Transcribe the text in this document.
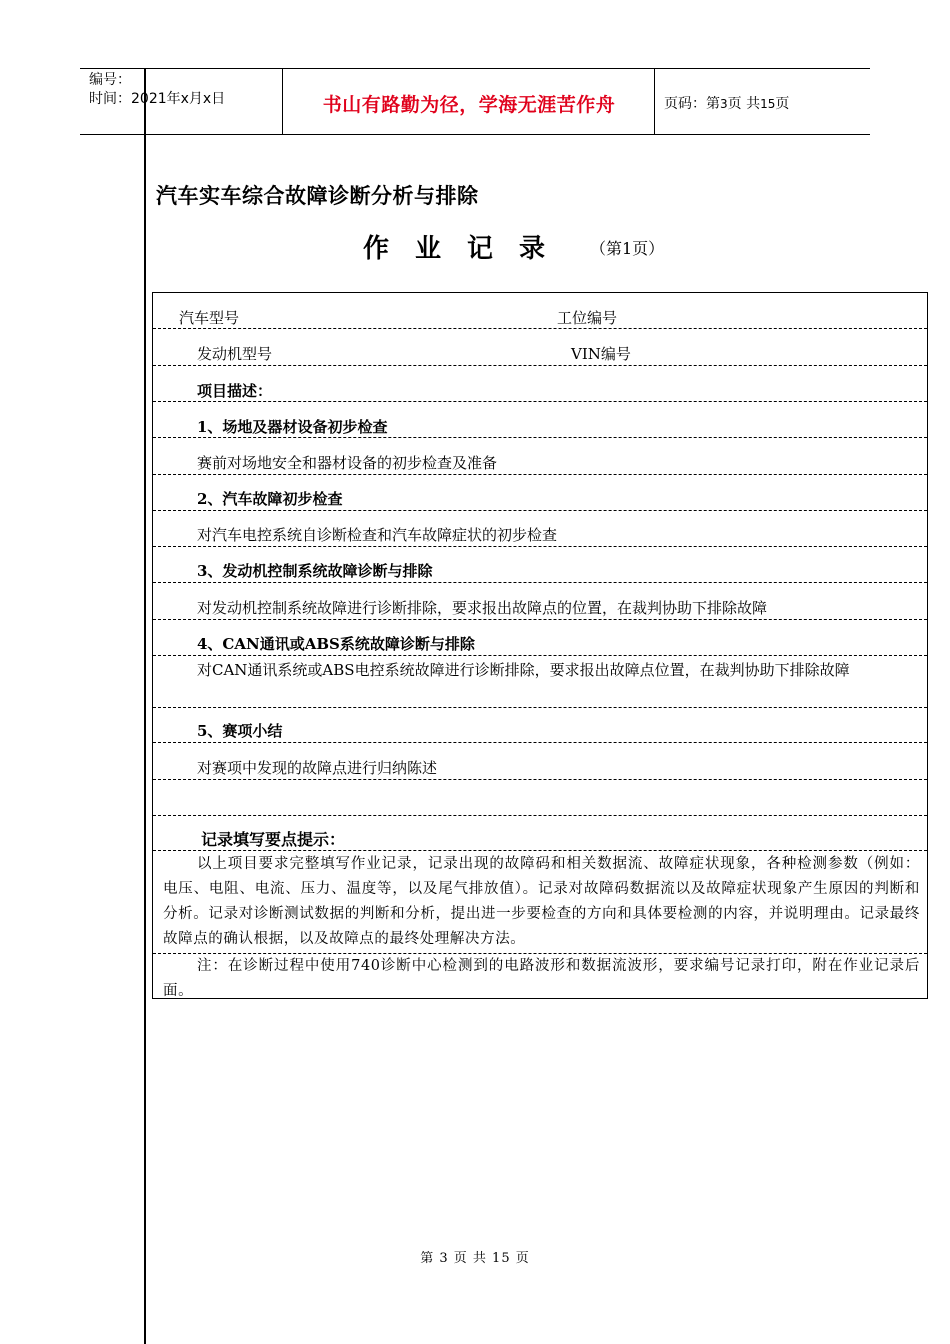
编号：
时间：2021年x月x日	书山有路勤为径，学海无涯苦作舟	页码：第3页 共15页
汽车实车综合故障诊断分析与排除
作业记录 （第1页）
汽车型号	工位编号
发动机型号	VIN编号
项目描述：
1、场地及器材设备初步检查
赛前对场地安全和器材设备的初步检查及准备
2、汽车故障初步检查
对汽车电控系统自诊断检查和汽车故障症状的初步检查
3、发动机控制系统故障诊断与排除
对发动机控制系统故障进行诊断排除，要求报出故障点的位置，在裁判协助下排除故障
4、CAN通讯或ABS系统故障诊断与排除
对CAN通讯系统或ABS电控系统故障进行诊断排除，要求报出故障点位置，在裁判协助下排除故障
5、赛项小结
对赛项中发现的故障点进行归纳陈述
记录填写要点提示：
以上项目要求完整填写作业记录，记录出现的故障码和相关数据流、故障症状现象，各种检测参数（例如：电压、电阻、电流、压力、温度等，以及尾气排放值）。记录对故障码数据流以及故障症状现象产生原因的判断和分析。记录对诊断测试数据的判断和分析，提出进一步要检查的方向和具体要检测的内容，并说明理由。记录最终故障点的确认根据，以及故障点的最终处理解决方法。
注：在诊断过程中使用740诊断中心检测到的电路波形和数据流波形，要求编号记录打印，附在作业记录后面。
第 3 页 共 15 页
